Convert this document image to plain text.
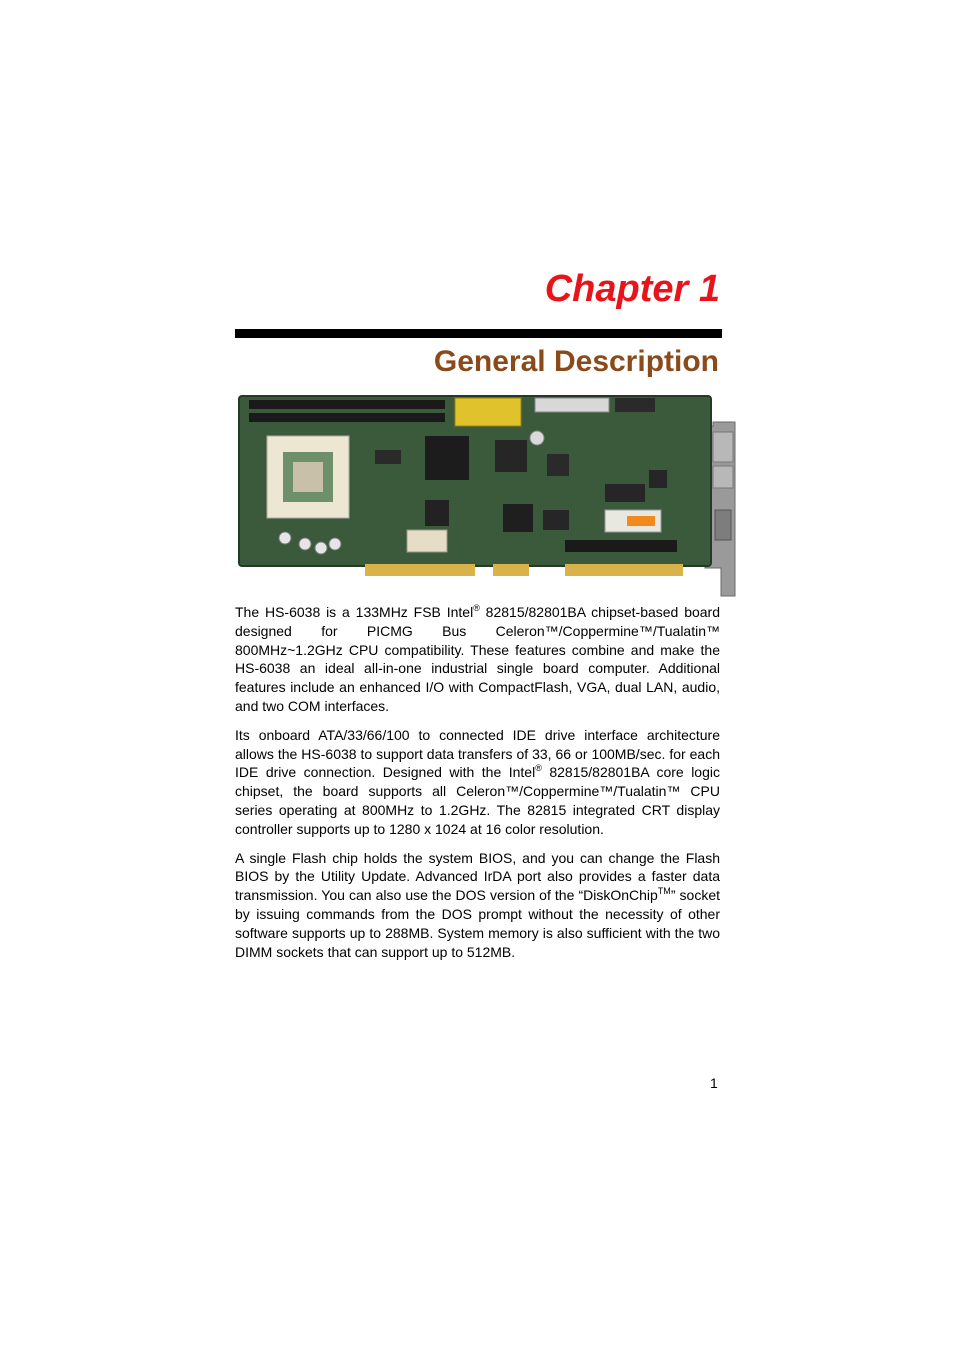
Chapter 1
General Description

The HS-6038 is a 133MHz FSB Intel® 82815/82801BA chipset-based board designed for PICMG Bus Celeron™/Coppermine™/Tualatin™ 800MHz~1.2GHz CPU compatibility. These features combine and make the HS-6038 an ideal all-in-one industrial single board computer. Additional features include an enhanced I/O with CompactFlash, VGA, dual LAN, audio, and two COM interfaces.

Its onboard ATA/33/66/100 to connected IDE drive interface architecture allows the HS-6038 to support data transfers of 33, 66 or 100MB/sec. for each IDE drive connection. Designed with the Intel® 82815/82801BA core logic chipset, the board supports all Celeron™/Coppermine™/Tualatin™ CPU series operating at 800MHz to 1.2GHz. The 82815 integrated CRT display controller supports up to 1280 x 1024 at 16 color resolution.

A single Flash chip holds the system BIOS, and you can change the Flash BIOS by the Utility Update. Advanced IrDA port also provides a faster data transmission. You can also use the DOS version of the “DiskOnChip™” socket by issuing commands from the DOS prompt without the necessity of other software supports up to 288MB. System memory is also sufficient with the two DIMM sockets that can support up to 512MB.

1
